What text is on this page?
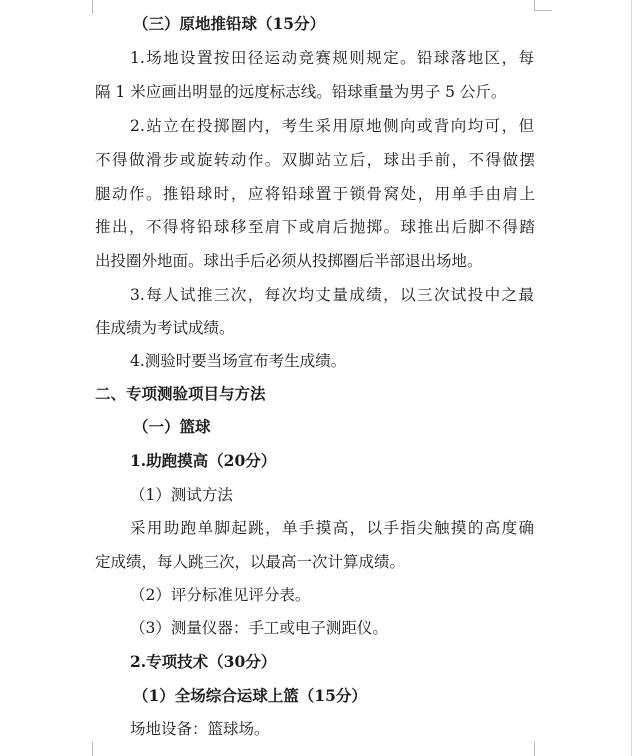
（三）原地推铅球（15分）
1.场地设置按田径运动竞赛规则规定。铅球落地区，每
隔 1 米应画出明显的远度标志线。铅球重量为男子 5 公斤。
2.站立在投掷圈内，考生采用原地侧向或背向均可，但
不得做滑步或旋转动作。双脚站立后，球出手前，不得做摆
腿动作。推铅球时，应将铅球置于锁骨窝处，用单手由肩上
推出，不得将铅球移至肩下或肩后抛掷。球推出后脚不得踏
出投圈外地面。球出手后必须从投掷圈后半部退出场地。
3.每人试推三次，每次均丈量成绩，以三次试投中之最
佳成绩为考试成绩。
4.测验时要当场宣布考生成绩。
二、专项测验项目与方法
（一）篮球
1.助跑摸高（20分）
（1）测试方法
采用助跑单脚起跳，单手摸高，以手指尖触摸的高度确
定成绩，每人跳三次，以最高一次计算成绩。
（2）评分标准见评分表。
（3）测量仪器：手工或电子测距仪。
2.专项技术（30分）
（1）全场综合运球上篮（15分）
场地设备：篮球场。
